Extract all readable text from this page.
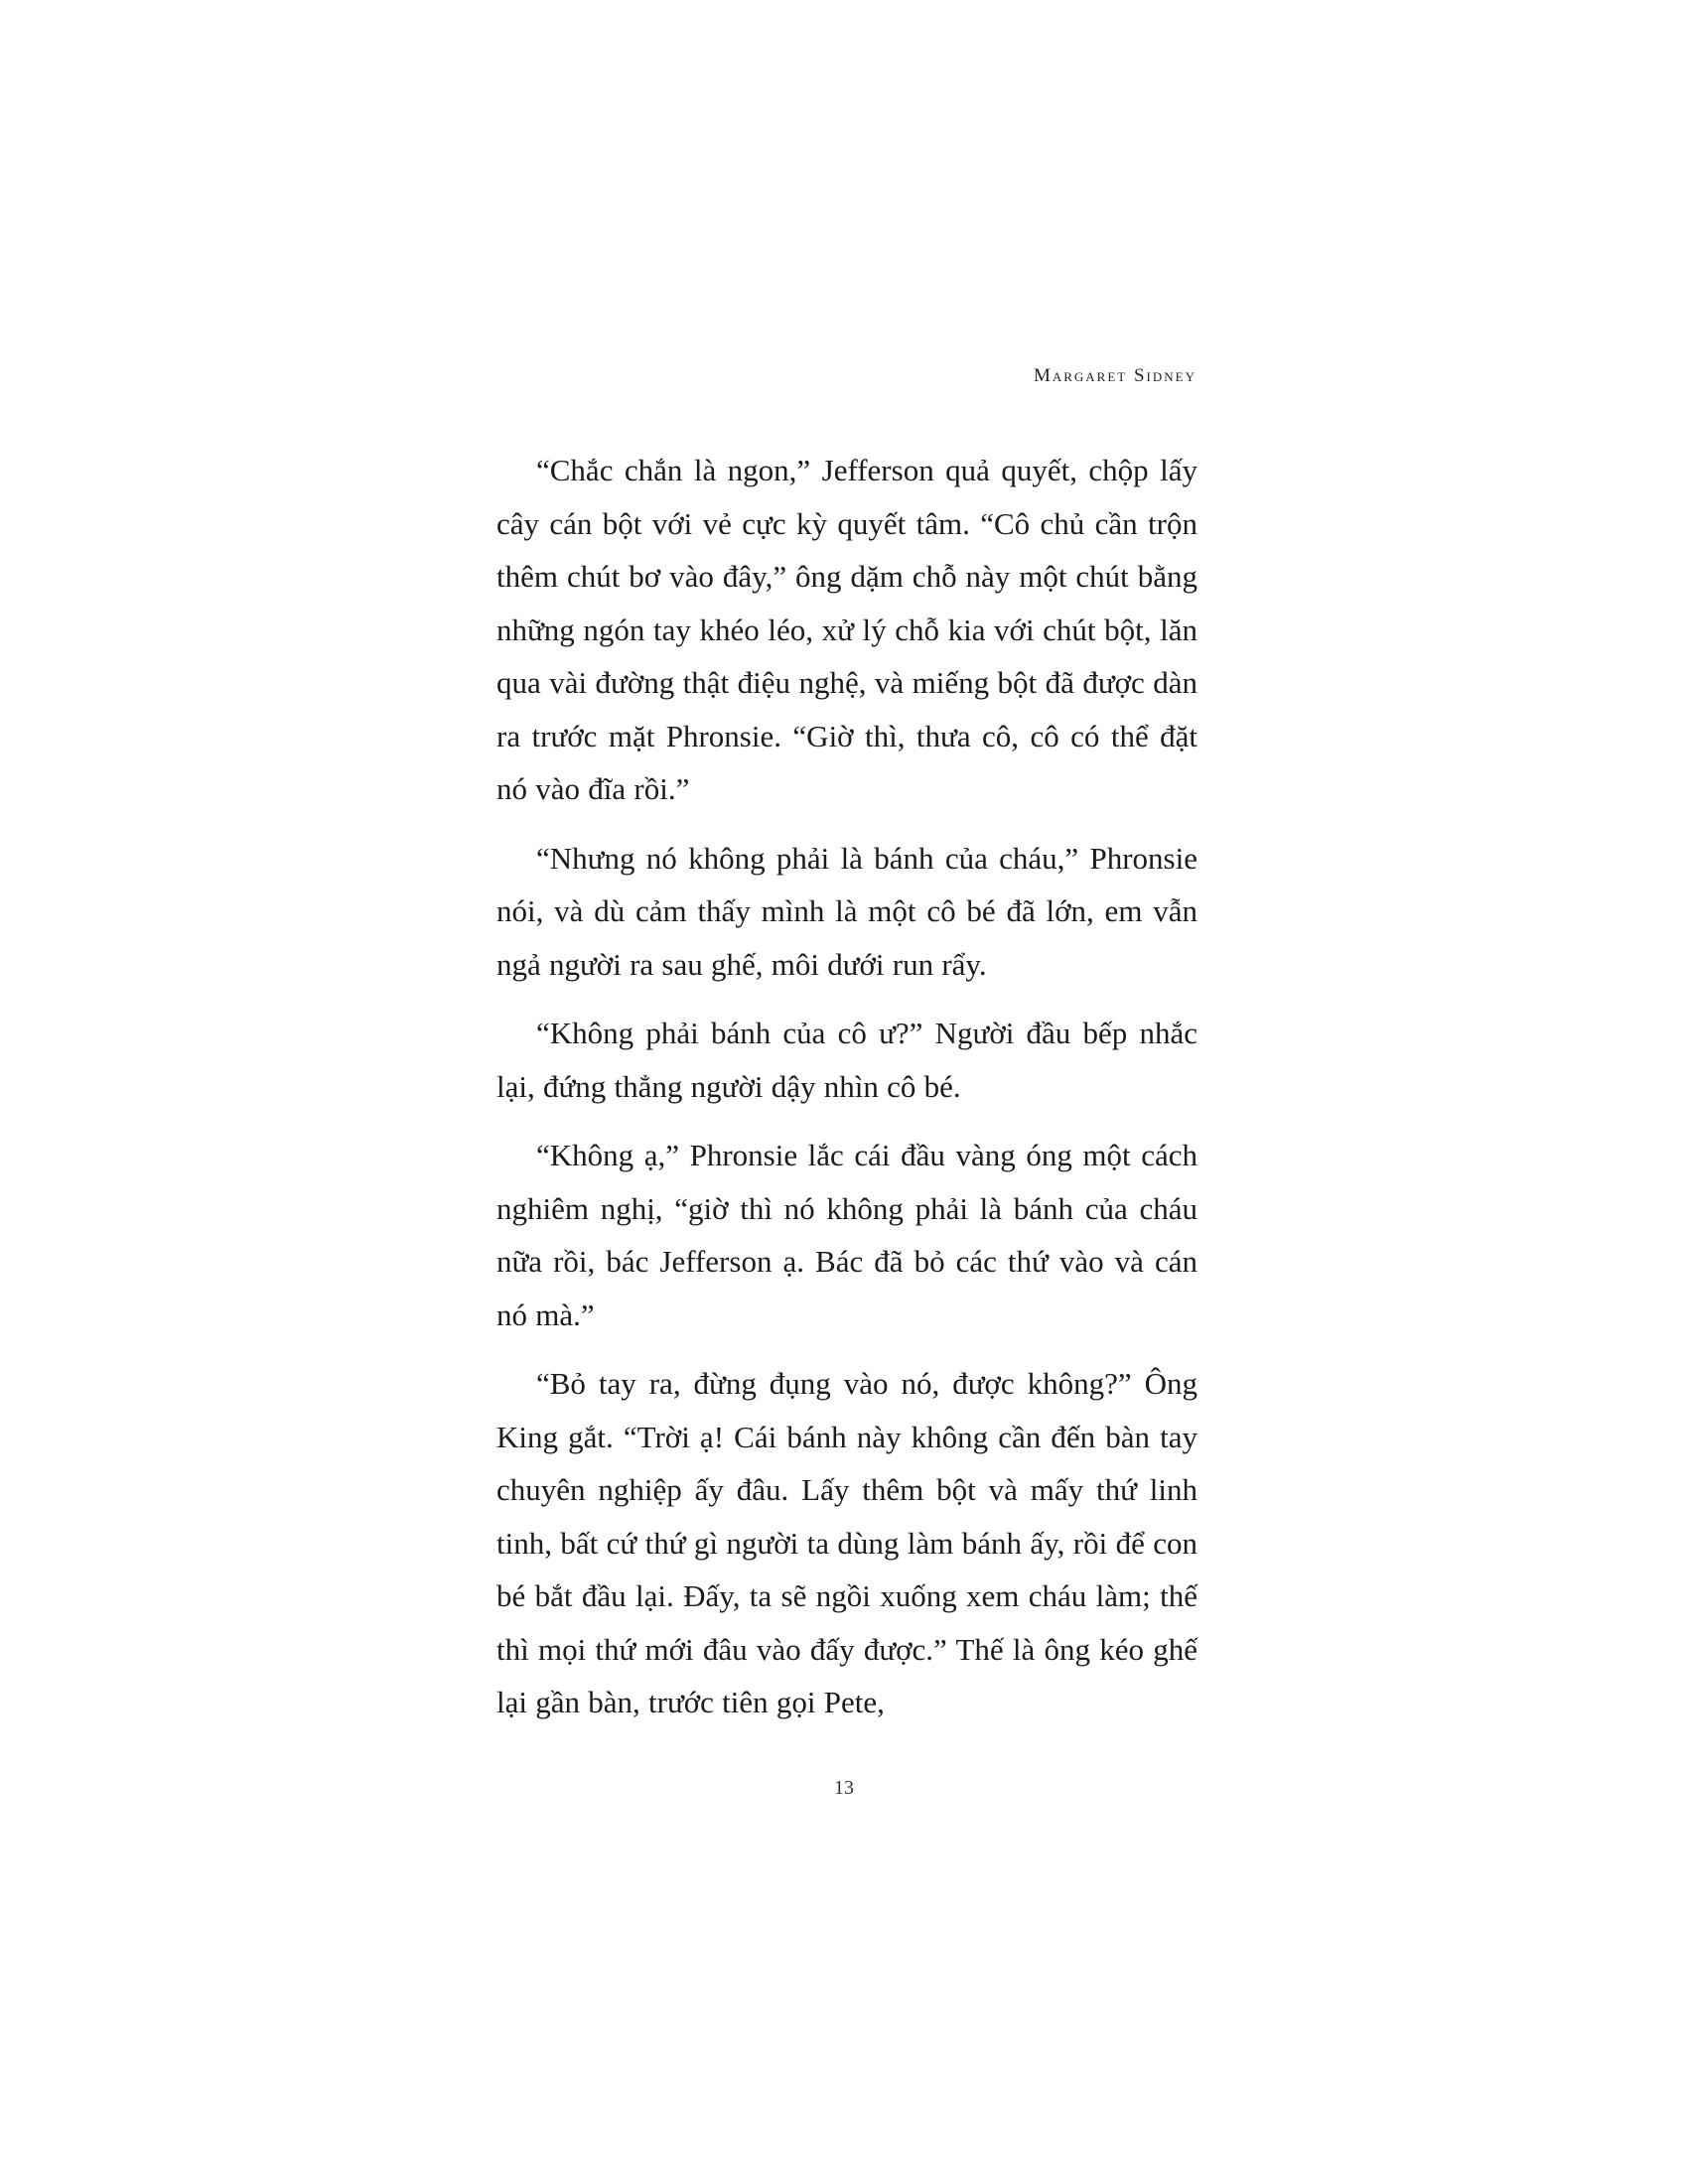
Margaret Sidney

“Chắc chắn là ngon,” Jefferson quả quyết, chộp lấy cây cán bột với vẻ cực kỳ quyết tâm. “Cô chủ cần trộn thêm chút bơ vào đây,” ông dặm chỗ này một chút bằng những ngón tay khéo léo, xử lý chỗ kia với chút bột, lăn qua vài đường thật điệu nghệ, và miếng bột đã được dàn ra trước mặt Phronsie. “Giờ thì, thưa cô, cô có thể đặt nó vào đĩa rồi.”

“Nhưng nó không phải là bánh của cháu,” Phronsie nói, và dù cảm thấy mình là một cô bé đã lớn, em vẫn ngả người ra sau ghế, môi dưới run rẩy.

“Không phải bánh của cô ư?” Người đầu bếp nhắc lại, đứng thẳng người dậy nhìn cô bé.

“Không ạ,” Phronsie lắc cái đầu vàng óng một cách nghiêm nghị, “giờ thì nó không phải là bánh của cháu nữa rồi, bác Jefferson ạ. Bác đã bỏ các thứ vào và cán nó mà.”

“Bỏ tay ra, đừng đụng vào nó, được không?” Ông King gắt. “Trời ạ! Cái bánh này không cần đến bàn tay chuyên nghiệp ấy đâu. Lấy thêm bột và mấy thứ linh tinh, bất cứ thứ gì người ta dùng làm bánh ấy, rồi để con bé bắt đầu lại. Đấy, ta sẽ ngồi xuống xem cháu làm; thế thì mọi thứ mới đâu vào đấy được.” Thế là ông kéo ghế lại gần bàn, trước tiên gọi Pete,

13
